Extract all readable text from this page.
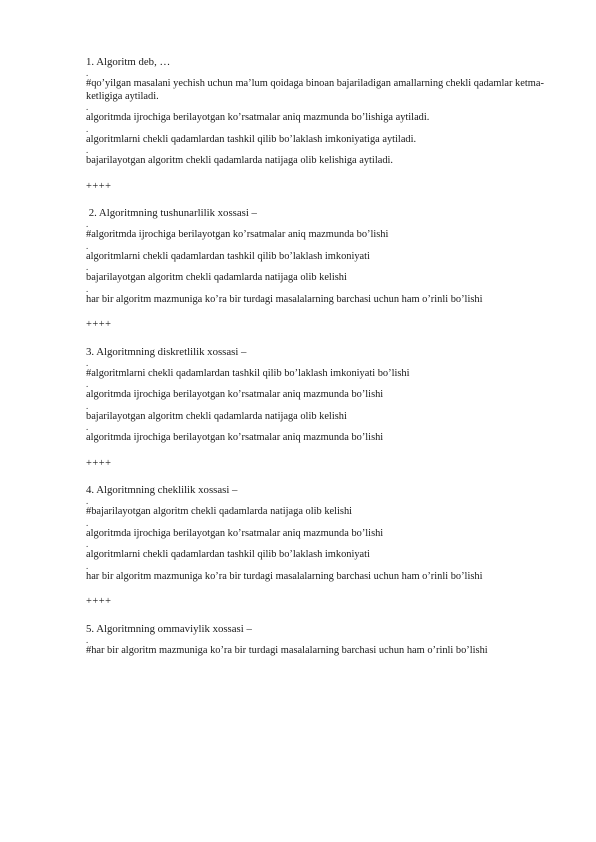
1. Algoritm deb, …
.
#qo’yilgan masalani yechish uchun ma’lum qoidaga binoan bajariladigan amallarning chekli qadamlar ketma-ketligiga aytiladi.
.
algoritmda ijrochiga berilayotgan ko’rsatmalar aniq mazmunda bo’lishiga aytiladi.
.
algoritmlarni chekli qadamlardan tashkil qilib bo’laklash imkoniyatiga aytiladi.
.
bajarilayotgan algoritm chekli qadamlarda natijaga olib kelishiga aytiladi.
++++
2. Algoritmning tushunarlilik xossasi –
.
#algoritmda ijrochiga berilayotgan ko’rsatmalar aniq mazmunda bo’lishi
.
algoritmlarni chekli qadamlardan tashkil qilib bo’laklash imkoniyati
.
bajarilayotgan algoritm chekli qadamlarda natijaga olib kelishi
.
har bir algoritm mazmuniga ko’ra bir turdagi masalalarning barchasi uchun ham o’rinli bo’lishi
++++
3. Algoritmning diskretlilik xossasi –
.
#algoritmlarni chekli qadamlardan tashkil qilib bo’laklash imkoniyati bo’lishi
.
algoritmda ijrochiga berilayotgan ko’rsatmalar aniq mazmunda bo’lishi
.
bajarilayotgan algoritm chekli qadamlarda natijaga olib kelishi
.
algoritmda ijrochiga berilayotgan ko’rsatmalar aniq mazmunda bo’lishi
++++
4. Algoritmning cheklilik xossasi –
.
#bajarilayotgan algoritm chekli qadamlarda natijaga olib kelishi
.
algoritmda ijrochiga berilayotgan ko’rsatmalar aniq mazmunda bo’lishi
.
algoritmlarni chekli qadamlardan tashkil qilib bo’laklash imkoniyati
.
har bir algoritm mazmuniga ko’ra bir turdagi masalalarning barchasi uchun ham o’rinli bo’lishi
++++
5. Algoritmning ommaviylik xossasi –
.
#har bir algoritm mazmuniga ko’ra bir turdagi masalalarning barchasi uchun ham o’rinli bo’lishi
